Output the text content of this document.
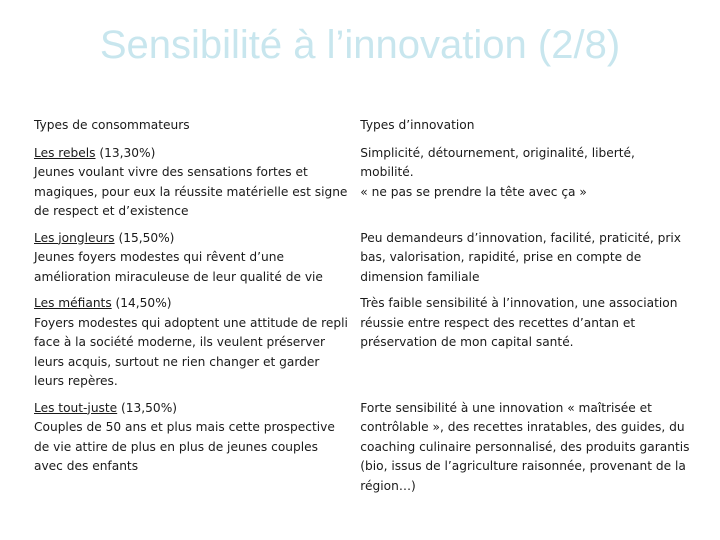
Sensibilité à l’innovation (2/8)
Types de consommateurs	Types d’innovation

Les rebels (13,30%)
Jeunes voulant vivre des sensations fortes et magiques, pour eux la réussite matérielle est signe de respect et d’existence	Simplicité, détournement, originalité, liberté, mobilité.
« ne pas se prendre la tête avec ça »

Les jongleurs (15,50%)
Jeunes foyers modestes qui rêvent d’une amélioration miraculeuse de leur qualité de vie	Peu demandeurs d’innovation, facilité, praticité, prix bas, valorisation, rapidité, prise en compte de dimension familiale

Les méfiants (14,50%)
Foyers modestes qui adoptent une attitude de repli face à la société moderne, ils veulent préserver leurs acquis, surtout ne rien changer et garder leurs repères.	Très faible sensibilité à l’innovation, une association réussie entre respect des recettes d’antan et préservation de mon capital santé.

Les tout-juste (13,50%)
Couples de 50 ans et plus mais cette prospective de vie attire de plus en plus de jeunes couples avec des enfants	Forte sensibilité à une innovation « maîtrisée et contrôlable », des recettes inratables, des guides, du coaching culinaire personnalisé, des produits garantis (bio, issus de l’agriculture raisonnée, provenant de la région…)
